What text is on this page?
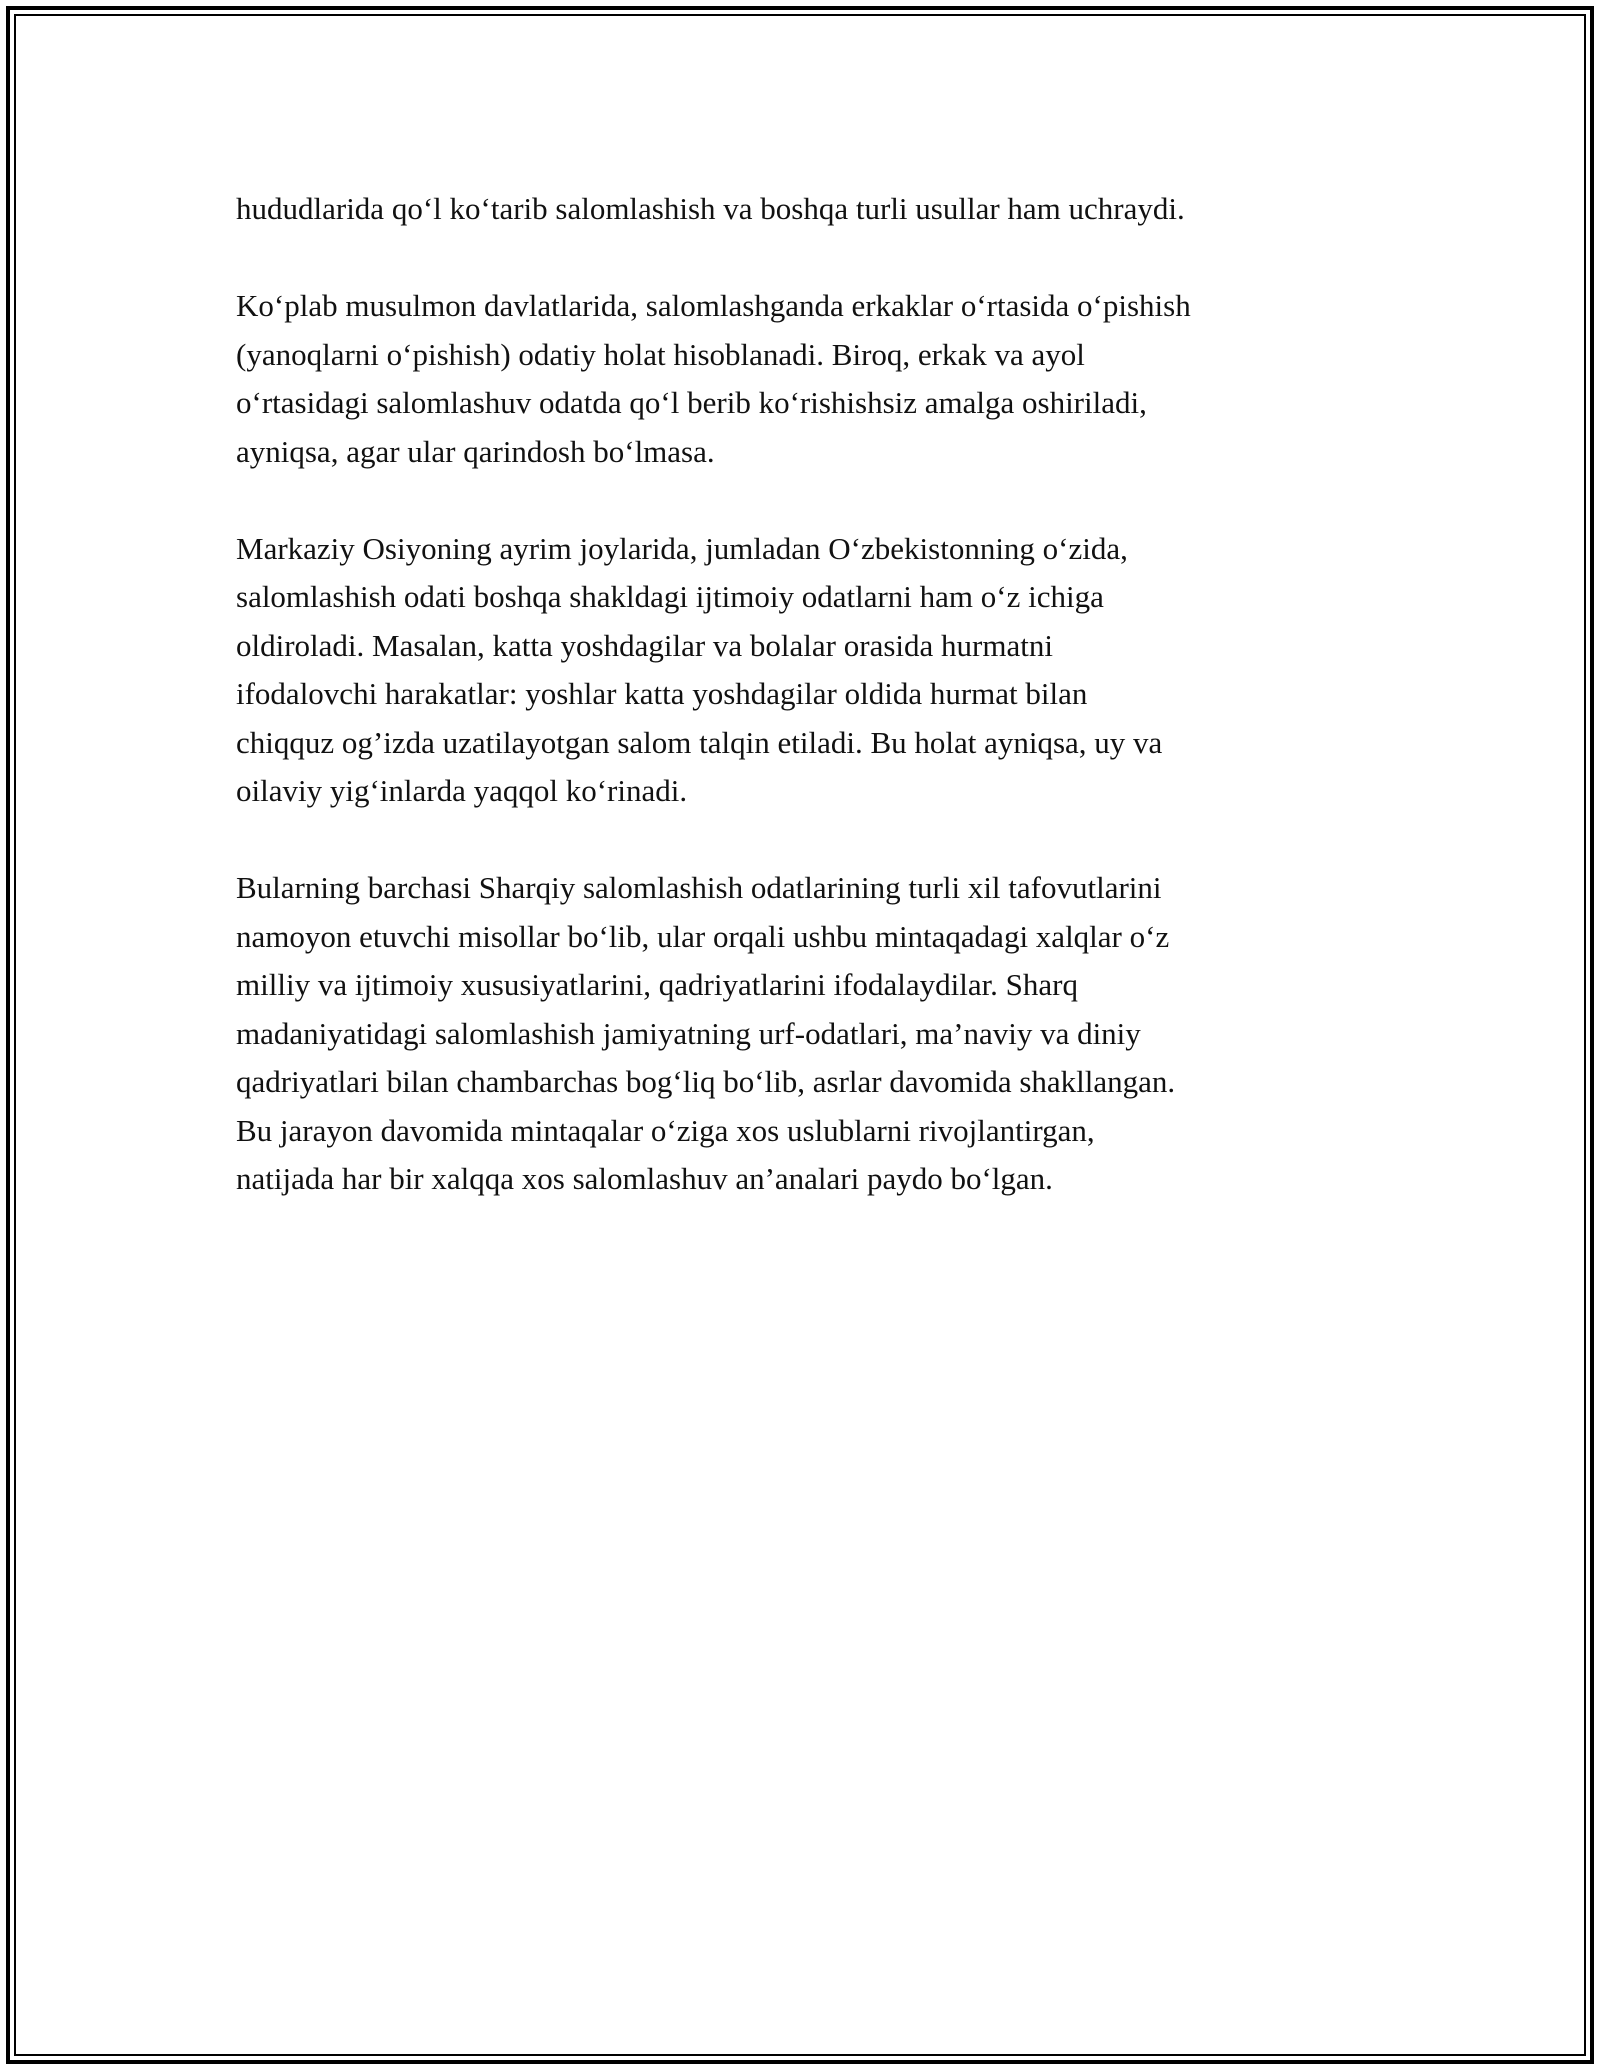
hududlarida qo‘l ko‘tarib salomlashish va boshqa turli usullar ham uchraydi.

Ko‘plab musulmon davlatlarida, salomlashganda erkaklar o‘rtasida o‘pishish
(yanoqlarni o‘pishish) odatiy holat hisoblanadi. Biroq, erkak va ayol
o‘rtasidagi salomlashuv odatda qo‘l berib ko‘rishishsiz amalga oshiriladi,
ayniqsa, agar ular qarindosh bo‘lmasa.

Markaziy Osiyoning ayrim joylarida, jumladan O‘zbekistonning o‘zida,
salomlashish odati boshqa shakldagi ijtimoiy odatlarni ham o‘z ichiga
oldiroladi. Masalan, katta yoshdagilar va bolalar orasida hurmatni
ifodalovchi harakatlar: yoshlar katta yoshdagilar oldida hurmat bilan
chiqquz og’izda uzatilayotgan salom talqin etiladi. Bu holat ayniqsa, uy va
oilaviy yig‘inlarda yaqqol ko‘rinadi.

Bularning barchasi Sharqiy salomlashish odatlarining turli xil tafovutlarini
namoyon etuvchi misollar bo‘lib, ular orqali ushbu mintaqadagi xalqlar o‘z
milliy va ijtimoiy xususiyatlarini, qadriyatlarini ifodalaydilar. Sharq
madaniyatidagi salomlashish jamiyatning urf-odatlari, ma’naviy va diniy
qadriyatlari bilan chambarchas bog‘liq bo‘lib, asrlar davomida shakllangan.
Bu jarayon davomida mintaqalar o‘ziga xos uslublarni rivojlantirgan,
natijada har bir xalqqa xos salomlashuv an’analari paydo bo‘lgan.
